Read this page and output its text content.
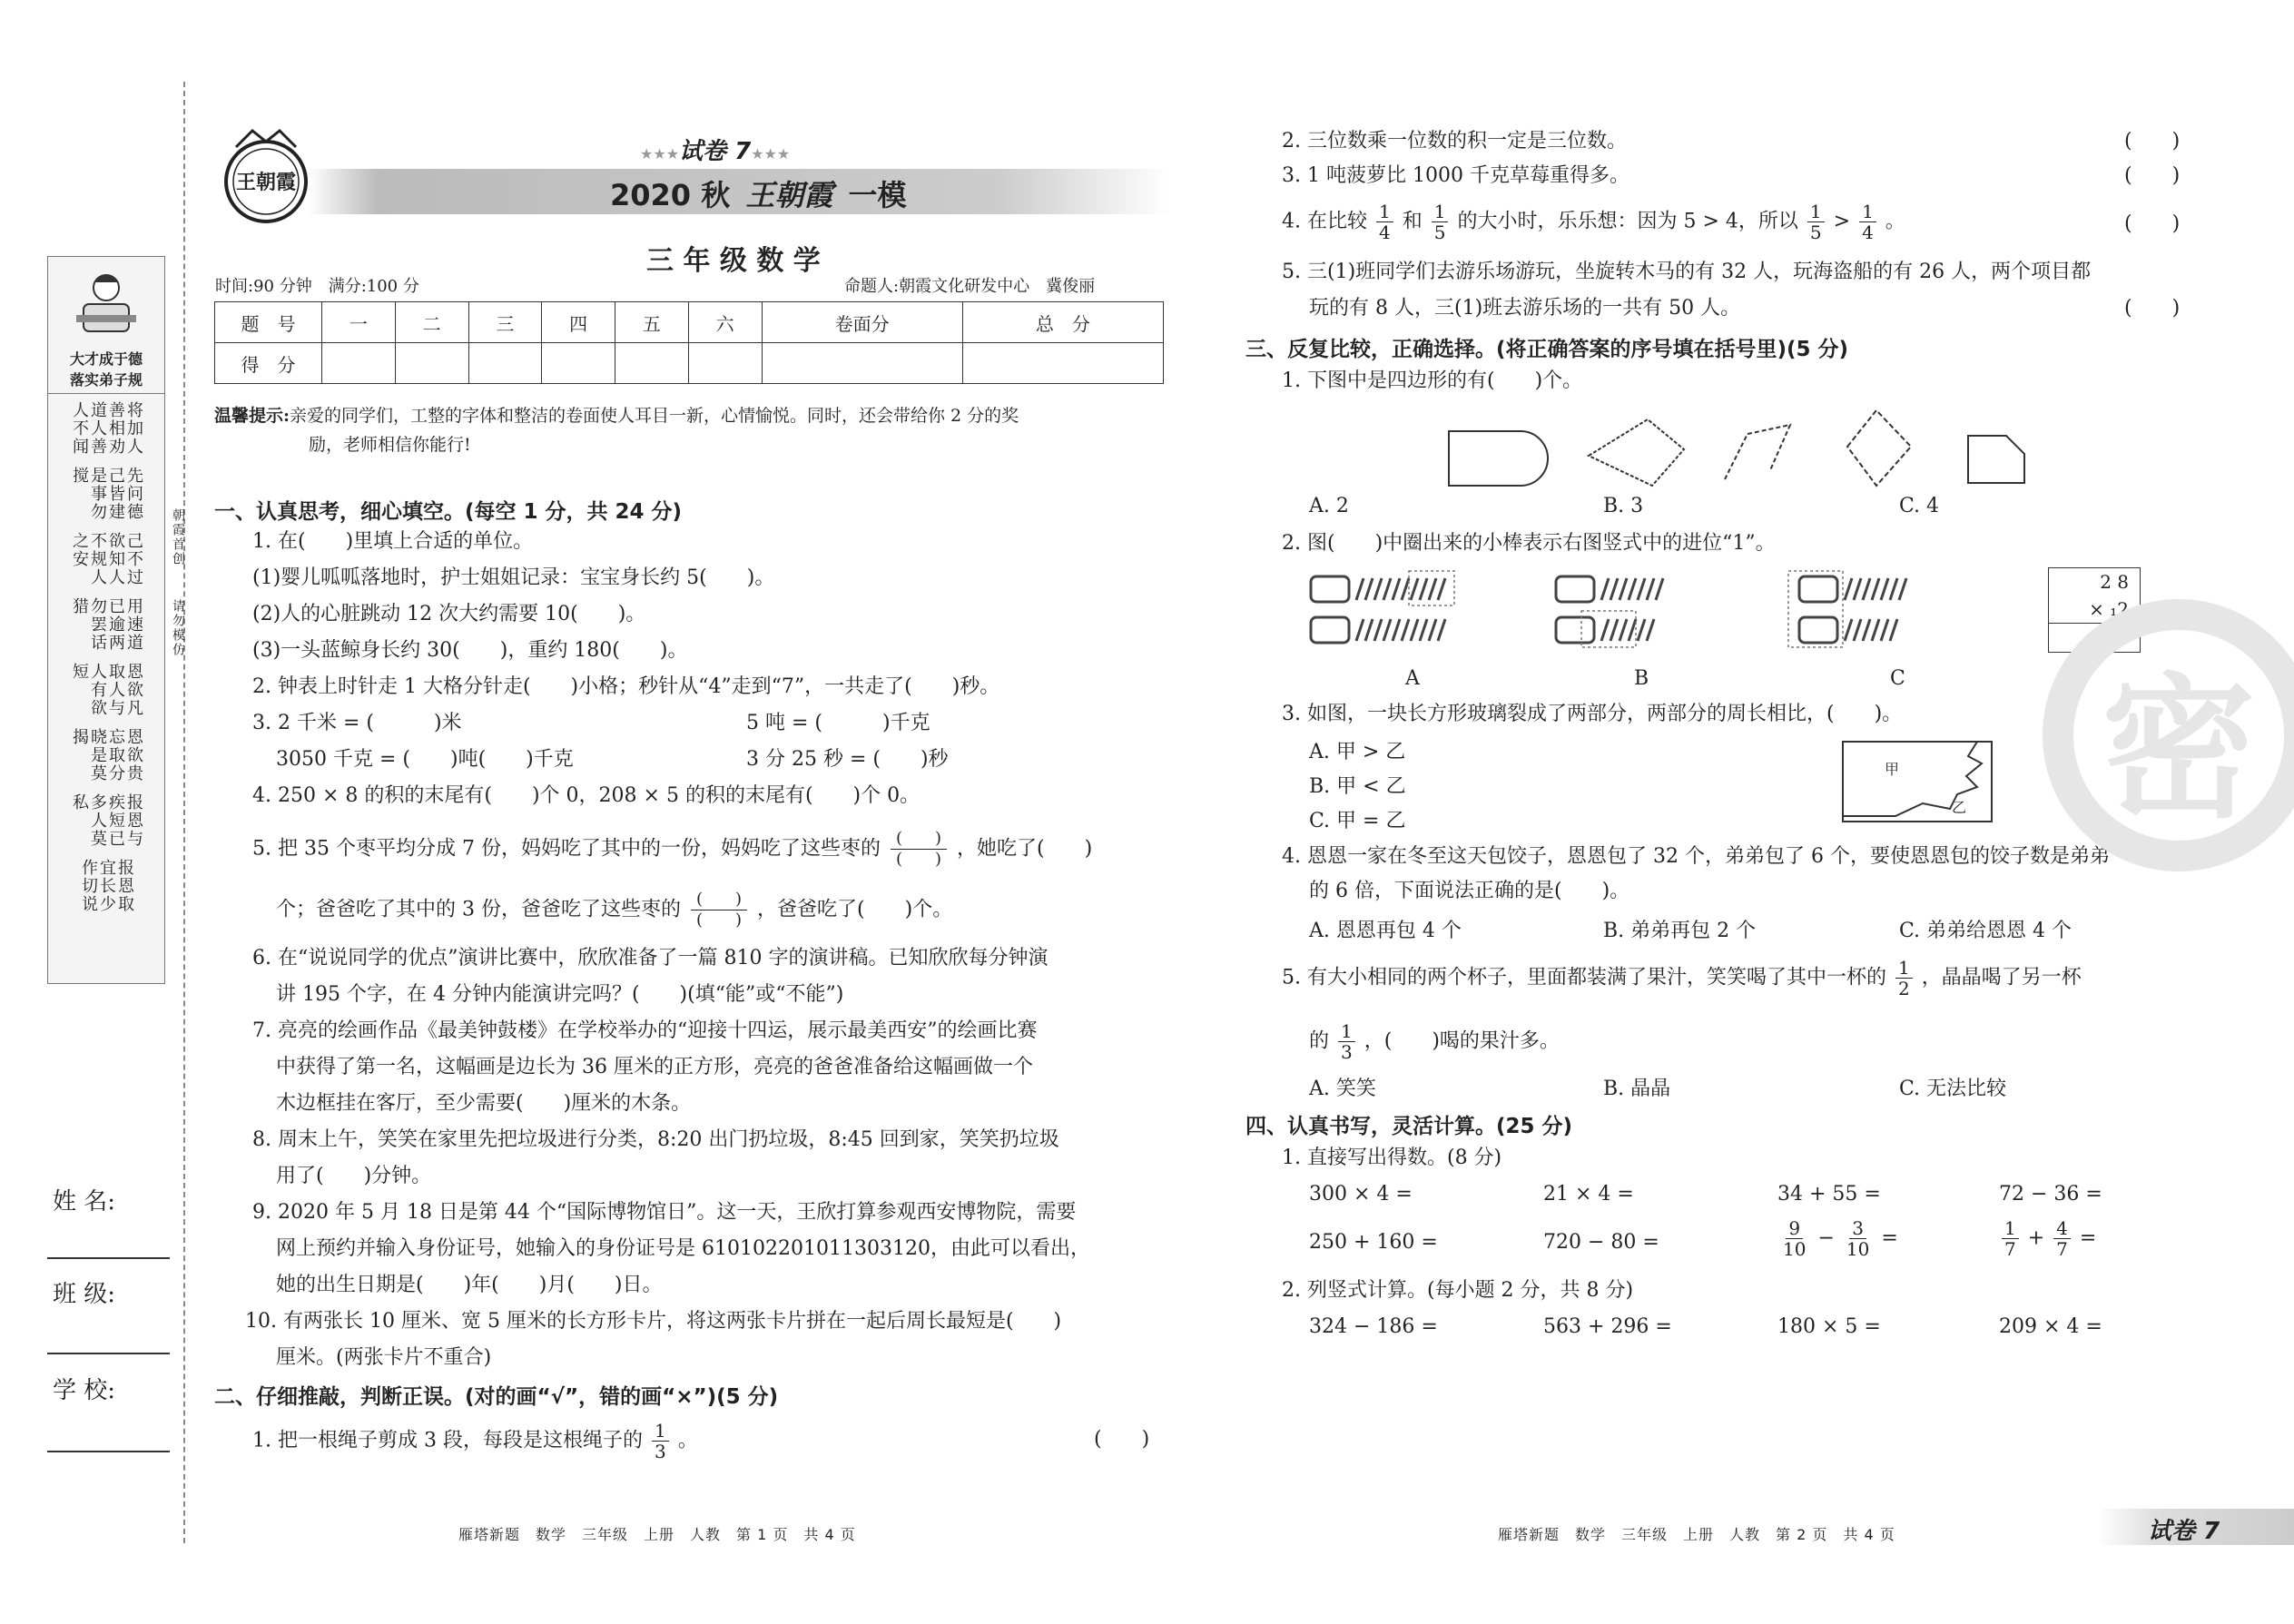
大才成于德
落实弟子规
将加人善相劝道人善人不闻
先问德己皆建是事勿搅
己不过欲知人不规人之安
用速道已逾两勿罢话猎
恩欲凡取人与人有欲短
恩欲贵忘取分晓是莫揭
报恩与疾短已多人莫私
报恩取宜长少作切说
朝霞首创
请勿模仿
姓 名:
班 级:
学 校:
王朝霞
★★★试卷 7★★★
2020 秋 王朝霞 一模
三 年 级 数 学
时间:90 分钟　满分:100 分	命题人:朝霞文化研发中心　冀俊丽
题　号	一	二	三	四	五	六	卷面分	总　分
得　分								
温馨提示:亲爱的同学们，工整的字体和整洁的卷面使人耳目一新，心情愉悦。同时，还会带给你 2 分的奖
励，老师相信你能行!
一、认真思考，细心填空。(每空 1 分，共 24 分)
1. 在(　　)里填上合适的单位。
(1)婴儿呱呱落地时，护士姐姐记录：宝宝身长约 5(　　)。
(2)人的心脏跳动 12 次大约需要 10(　　)。
(3)一头蓝鲸身长约 30(　　)，重约 180(　　)。
2. 钟表上时针走 1 大格分针走(　　)小格；秒针从“4”走到“7”，一共走了(　　)秒。
3. 2 千米 = (　　　)米	5 吨 = (　　　)千克
3050 千克 = (　　)吨(　　)千克	3 分 25 秒 = (　　)秒
4. 250 × 8 的积的末尾有(　　)个 0，208 × 5 的积的末尾有(　　)个 0。
5. 把 35 个枣平均分成 7 份，妈妈吃了其中的一份，妈妈吃了这些枣的 (　　)
(　　) ，她吃了(　　)
个；爸爸吃了其中的 3 份，爸爸吃了这些枣的 (　　)
(　　) ，爸爸吃了(　　)个。
6. 在“说说同学的优点”演讲比赛中，欣欣准备了一篇 810 字的演讲稿。已知欣欣每分钟演
讲 195 个字，在 4 分钟内能演讲完吗？(　　)(填“能”或“不能”)
7. 亮亮的绘画作品《最美钟鼓楼》在学校举办的“迎接十四运，展示最美西安”的绘画比赛
中获得了第一名，这幅画是边长为 36 厘米的正方形，亮亮的爸爸准备给这幅画做一个
木边框挂在客厅，至少需要(　　)厘米的木条。
8. 周末上午，笑笑在家里先把垃圾进行分类，8:20 出门扔垃圾，8:45 回到家，笑笑扔垃圾
用了(　　)分钟。
9. 2020 年 5 月 18 日是第 44 个“国际博物馆日”。这一天，王欣打算参观西安博物院，需要
网上预约并输入身份证号，她输入的身份证号是 610102201011303120，由此可以看出，
她的出生日期是(　　)年(　　)月(　　)日。
10. 有两张长 10 厘米、宽 5 厘米的长方形卡片，将这两张卡片拼在一起后周长最短是(　　)
厘米。(两张卡片不重合)
二、仔细推敲，判断正误。(对的画“√”，错的画“×”)(5 分)
1. 把一根绳子剪成 3 段，每段是这根绳子的 $\frac{1}{3}$ 。	(　　)
2. 三位数乘一位数的积一定是三位数。	(　　)
3. 1 吨菠萝比 1000 千克草莓重得多。	(　　)
4. 在比较 $\frac{1}{4}$ 和 $\frac{1}{5}$ 的大小时，乐乐想：因为 5 > 4，所以 $\frac{1}{5} > \frac{1}{4}$ 。	(　　)
5. 三(1)班同学们去游乐场游玩，坐旋转木马的有 32 人，玩海盗船的有 26 人，两个项目都
玩的有 8 人，三(1)班去游乐场的一共有 50 人。	(　　)
三、反复比较，正确选择。(将正确答案的序号填在括号里)(5 分)
1. 下图中是四边形的有(　　)个。
A. 2	B. 3	C. 4
2. 图(　　)中圈出来的小棒表示右图竖式中的进位“1”。
A	B	C
2 8
× ₁2
5 6
3. 如图，一块长方形玻璃裂成了两部分，两部分的周长相比，(　　)。
A. 甲 > 乙
B. 甲 < 乙
C. 甲 = 乙
甲
乙
4. 恩恩一家在冬至这天包饺子，恩恩包了 32 个，弟弟包了 6 个，要使恩恩包的饺子数是弟弟
的 6 倍，下面说法正确的是(　　)。
A. 恩恩再包 4 个	B. 弟弟再包 2 个	C. 弟弟给恩恩 4 个
5. 有大小相同的两个杯子，里面都装满了果汁，笑笑喝了其中一杯的 $\frac{1}{2}$ ，晶晶喝了另一杯
的 $\frac{1}{3}$ ，(　　)喝的果汁多。
A. 笑笑	B. 晶晶	C. 无法比较
四、认真书写，灵活计算。(25 分)
1. 直接写出得数。(8 分)
300 × 4 =	21 × 4 =	34 + 55 =	72 − 36 =
250 + 160 =	720 − 80 =	$\frac{9}{10} - \frac{3}{10}$ =	$\frac{1}{7} + \frac{4}{7}$ =
2. 列竖式计算。(每小题 2 分，共 8 分)
324 − 186 =	563 + 296 =	180 × 5 =	209 × 4 =
密
雁塔新题　数学　三年级　上册　人教　第 1 页　共 4 页	雁塔新题　数学　三年级　上册　人教　第 2 页　共 4 页	试卷 7
